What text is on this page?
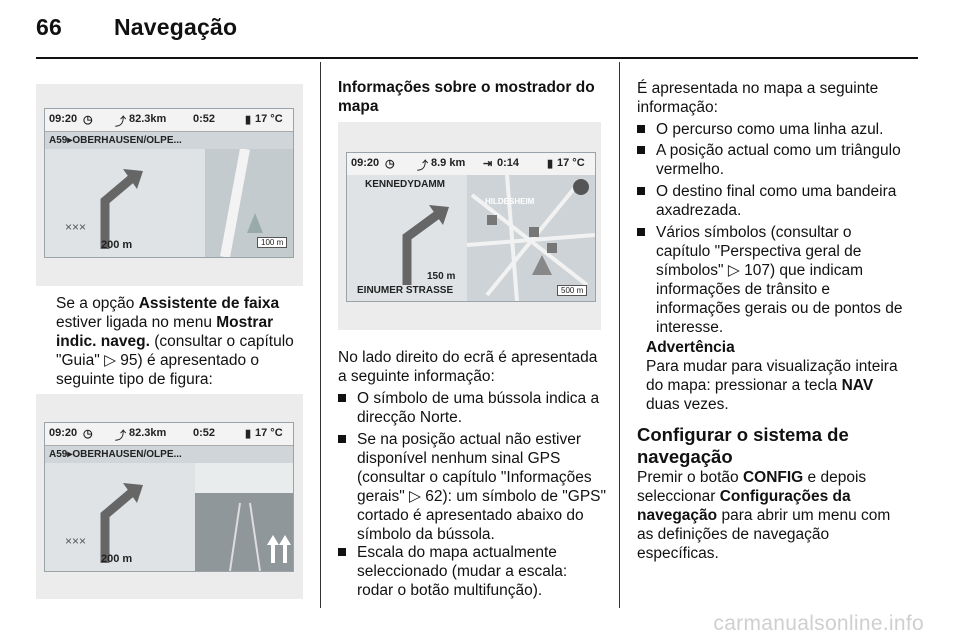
66 Navegação
09:20 ◷ ⤴ 82.3km 0:52	▮ 17 °C
A59▸OBERHAUSEN/OLPE...
×××
200 m	100 m
Se a opção Assistente de faixa estiver ligada no menu Mostrar indic. naveg. (consultar o capítulo "Guia" ▷ 95) é apresentado o seguinte tipo de figura:
09:20 ◷ ⤴ 82.3km 0:52	▮ 17 °C
A59▸OBERHAUSEN/OLPE...
×××
200 m
Informações sobre o mostrador do mapa
09:20 ◷ ⤴ 8.9 km ⇥ 0:14	▮ 17 °C
KENNEDYDAMM
HILDESHEIM
150 m
EINUMER STRASSE	500 m
No lado direito do ecrã é apresentada a seguinte informação:
O símbolo de uma bússola indica a direcção Norte.
Se na posição actual não estiver disponível nenhum sinal GPS (consultar o capítulo "Informações gerais" ▷ 62): um símbolo de "GPS" cortado é apresentado abaixo do símbolo da bússola.
Escala do mapa actualmente seleccionado (mudar a escala: rodar o botão multifunção).
É apresentada no mapa a seguinte informação:
O percurso como uma linha azul.
A posição actual como um triângulo vermelho.
O destino final como uma bandeira axadrezada.
Vários símbolos (consultar o capítulo "Perspectiva geral de símbolos" ▷ 107) que indicam informações de trânsito e informações gerais ou de pontos de interesse.
Advertência
Para mudar para visualização inteira do mapa: pressionar a tecla NAV duas vezes.
Configurar o sistema de navegação
Premir o botão CONFIG e depois seleccionar Configurações da navegação para abrir um menu com as definições de navegação específicas.
carmanualsonline.info
